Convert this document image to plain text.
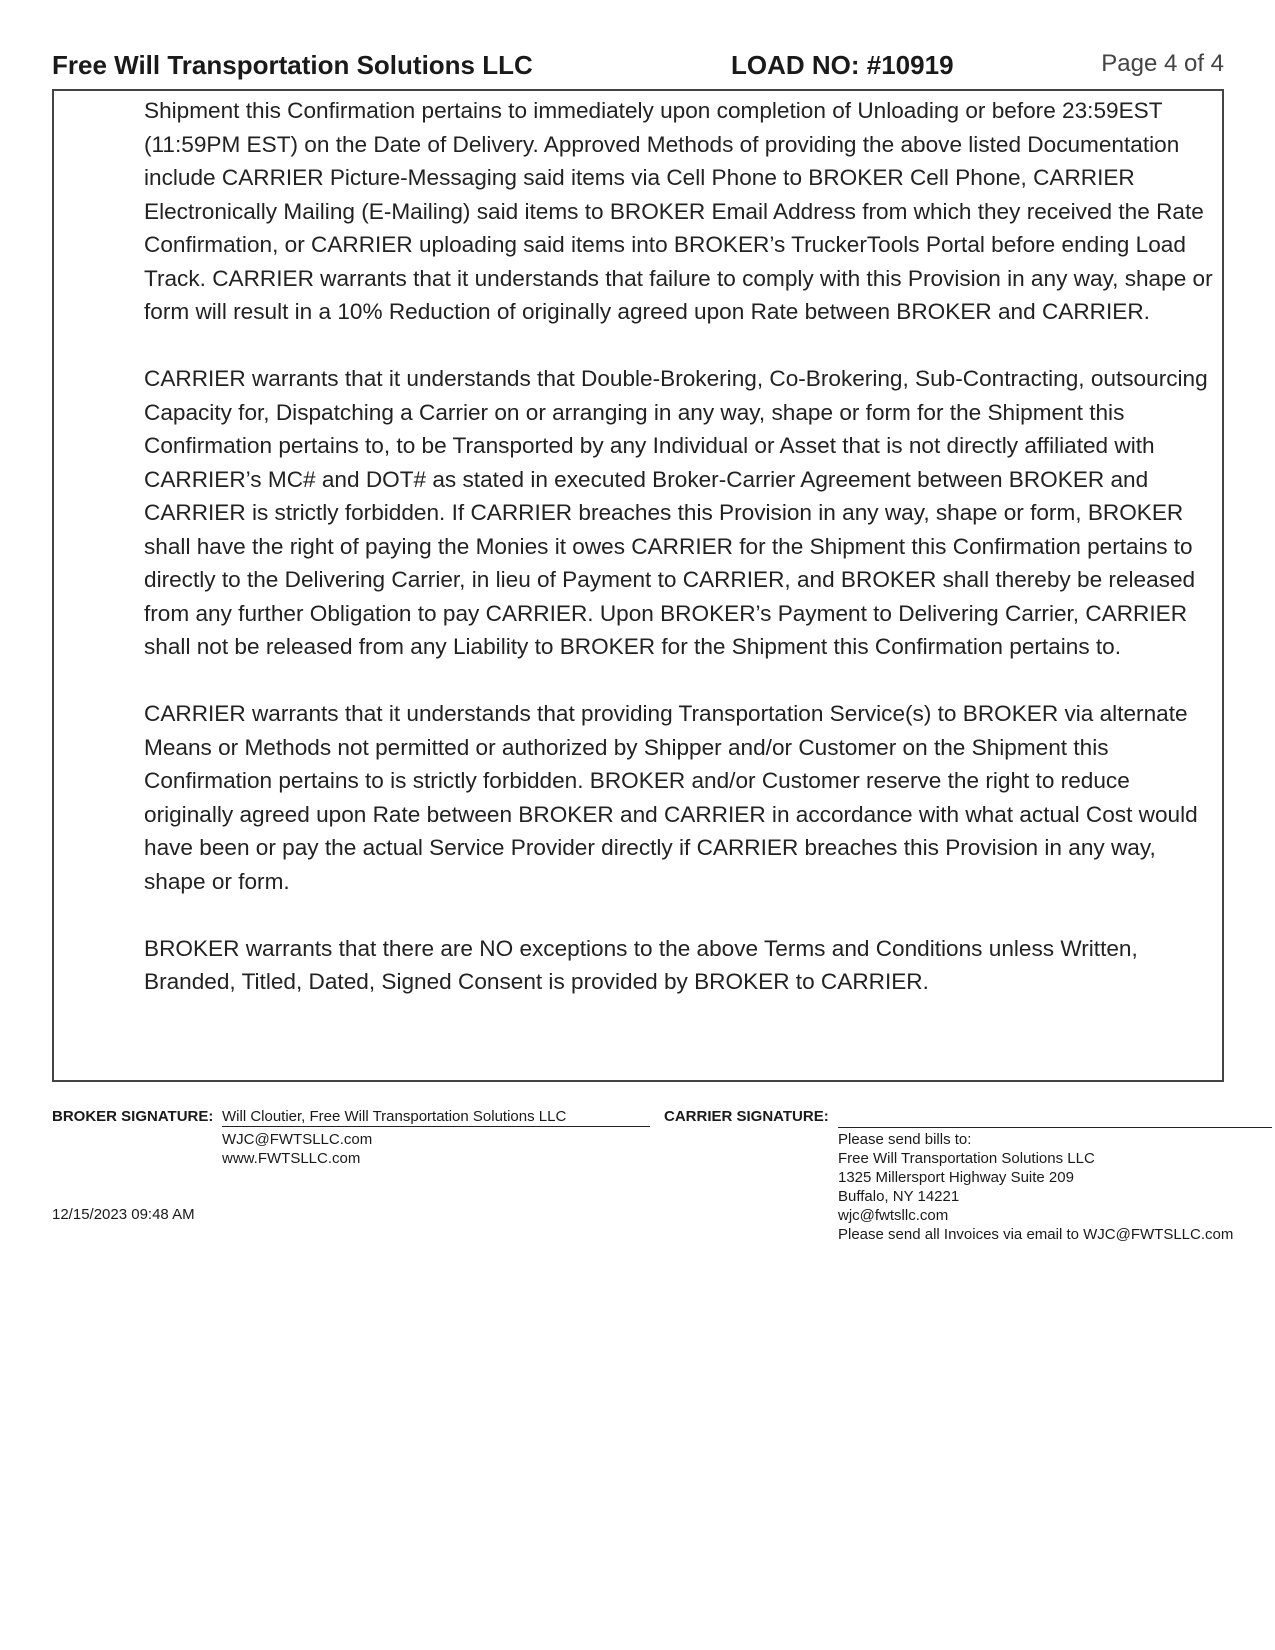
Free Will Transportation Solutions LLC	LOAD NO: #10919	Page 4 of 4

Shipment this Confirmation pertains to immediately upon completion of Unloading or before 23:59EST (11:59PM EST) on the Date of Delivery. Approved Methods of providing the above listed Documentation include CARRIER Picture-Messaging said items via Cell Phone to BROKER Cell Phone, CARRIER Electronically Mailing (E-Mailing) said items to BROKER Email Address from which they received the Rate Confirmation, or CARRIER uploading said items into BROKER’s TruckerTools Portal before ending Load Track. CARRIER warrants that it understands that failure to comply with this Provision in any way, shape or form will result in a 10% Reduction of originally agreed upon Rate between BROKER and CARRIER.

CARRIER warrants that it understands that Double-Brokering, Co-Brokering, Sub-Contracting, outsourcing Capacity for, Dispatching a Carrier on or arranging in any way, shape or form for the Shipment this Confirmation pertains to, to be Transported by any Individual or Asset that is not directly affiliated with CARRIER’s MC# and DOT# as stated in executed Broker-Carrier Agreement between BROKER and CARRIER is strictly forbidden. If CARRIER breaches this Provision in any way, shape or form, BROKER shall have the right of paying the Monies it owes CARRIER for the Shipment this Confirmation pertains to directly to the Delivering Carrier, in lieu of Payment to CARRIER, and BROKER shall thereby be released from any further Obligation to pay CARRIER. Upon BROKER’s Payment to Delivering Carrier, CARRIER shall not be released from any Liability to BROKER for the Shipment this Confirmation pertains to.

CARRIER warrants that it understands that providing Transportation Service(s) to BROKER via alternate Means or Methods not permitted or authorized by Shipper and/or Customer on the Shipment this Confirmation pertains to is strictly forbidden. BROKER and/or Customer reserve the right to reduce originally agreed upon Rate between BROKER and CARRIER in accordance with what actual Cost would have been or pay the actual Service Provider directly if CARRIER breaches this Provision in any way, shape or form.

BROKER warrants that there are NO exceptions to the above Terms and Conditions unless Written, Branded, Titled, Dated, Signed Consent is provided by BROKER to CARRIER.

BROKER SIGNATURE: Will Cloutier, Free Will Transportation Solutions LLC	CARRIER SIGNATURE:
WJC@FWTSLLC.com
www.FWTSLLC.com
12/15/2023 09:48 AM
Please send bills to:
Free Will Transportation Solutions LLC
1325 Millersport Highway Suite 209
Buffalo, NY 14221
wjc@fwtsllc.com
Please send all Invoices via email to WJC@FWTSLLC.com
